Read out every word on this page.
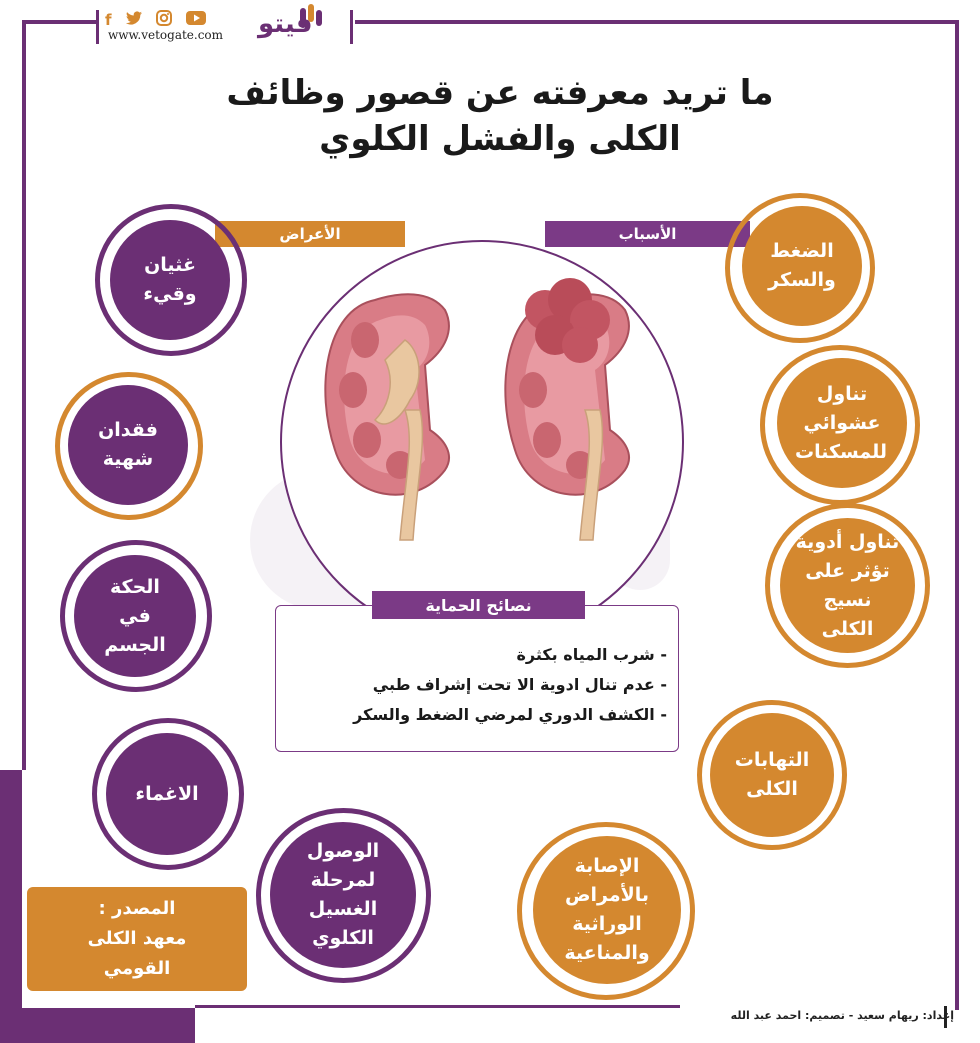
f
www.vetogate.com فيتو
ما تريد معرفته عن قصور وظائف
الكلى والفشل الكلوي
الأعراض	الأسباب
غثيان وقيء
فقدان شهية
الحكة في الجسم
الاغماء
الوصول لمرحلة الغسيل الكلوي
الضغط والسكر
تناول عشوائي للمسكنات
تناول أدوية تؤثر على نسيج الكلى
التهابات الكلى
الإصابة بالأمراض الوراثية والمناعية
نصائح الحماية
- شرب المياه بكثرة
- عدم تنال ادوية الا تحت إشراف طبي
- الكشف الدوري لمرضي الضغط والسكر
المصدر :
معهد الكلى القومي
إعداد: ريهام سعيد - تصميم: احمد عبد الله
